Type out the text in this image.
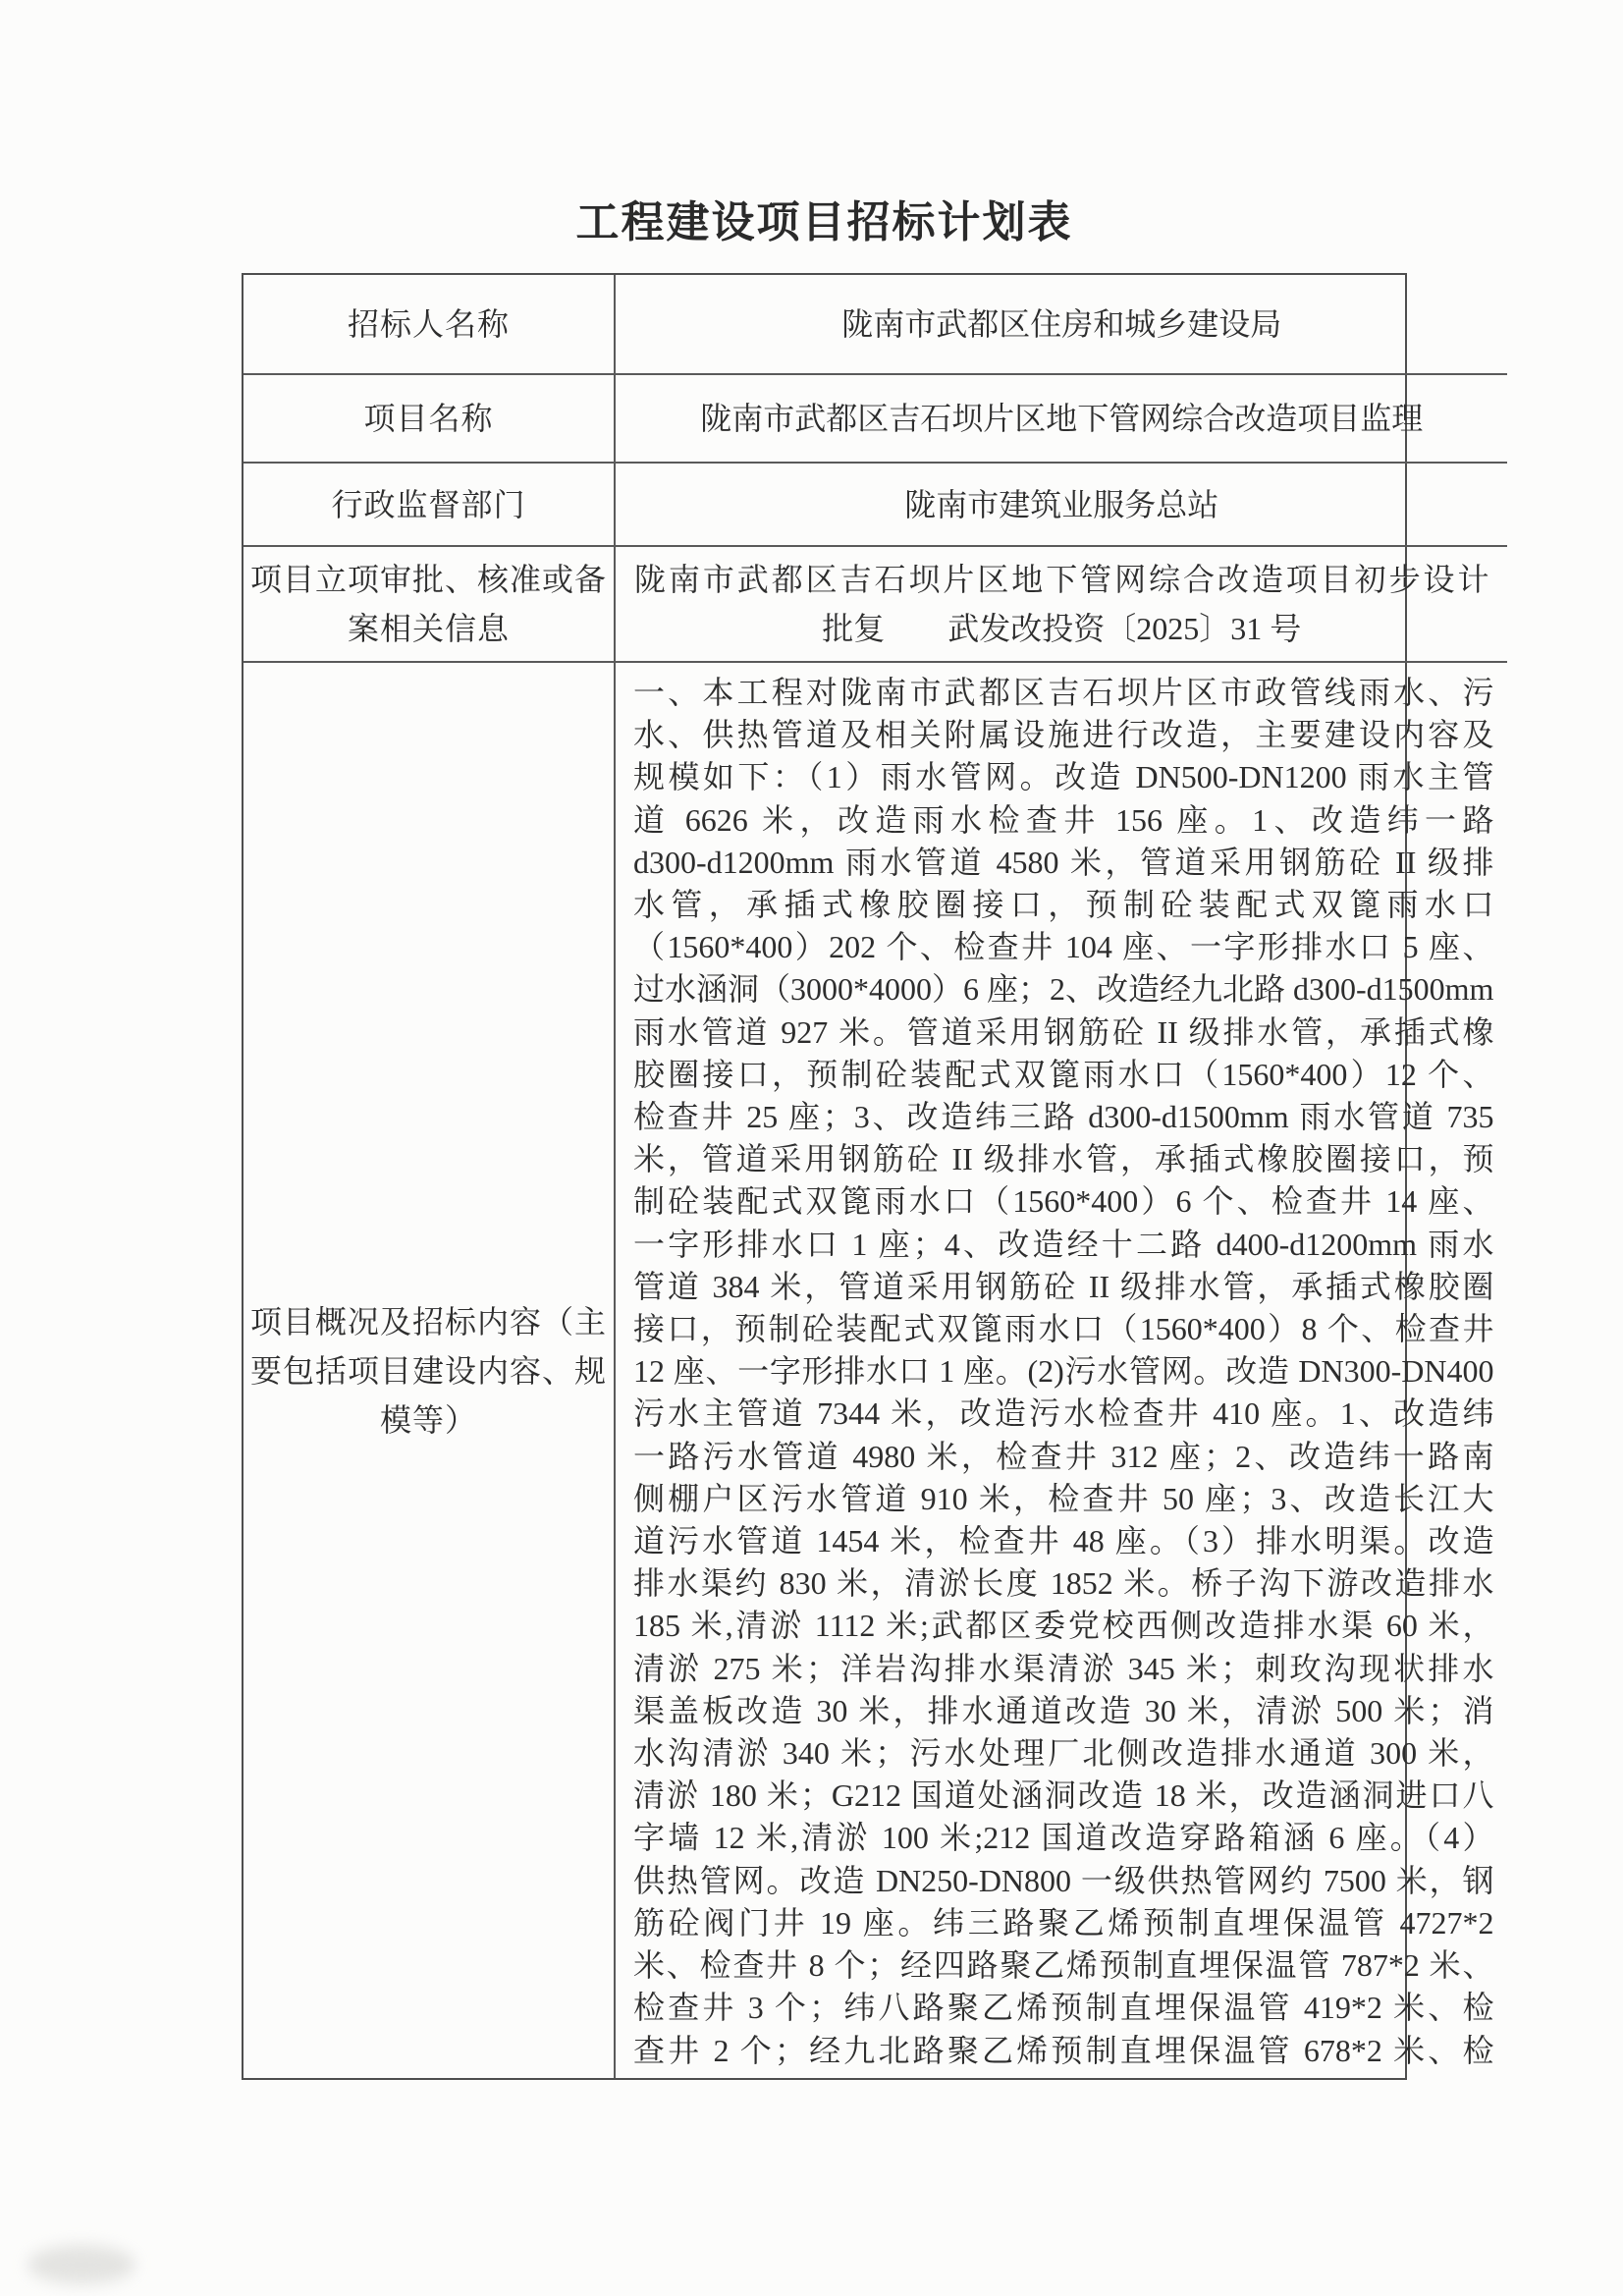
工程建设项目招标计划表
招标人名称	陇南市武都区住房和城乡建设局
项目名称	陇南市武都区吉石坝片区地下管网综合改造项目监理
行政监督部门	陇南市建筑业服务总站
项目立项审批、核准或备案相关信息
陇南市武都区吉石坝片区地下管网综合改造项目初步设计
批复　　武发改投资〔2025〕31 号
项目概况及招标内容（主要包括项目建设内容、规模等）
一、本工程对陇南市武都区吉石坝片区市政管线雨水、污
水、供热管道及相关附属设施进行改造，主要建设内容及
规模如下：（1）雨水管网。改造 DN500-DN1200 雨水主管
道 6626 米，改造雨水检查井 156 座。1、改造纬一路
d300-d1200mm 雨水管道 4580 米，管道采用钢筋砼 II 级排
水管，承插式橡胶圈接口，预制砼装配式双篦雨水口
（1560*400）202 个、检查井 104 座、一字形排水口 5 座、
过水涵洞（3000*4000）6 座；2、改造经九北路 d300-d1500mm
雨水管道 927 米。管道采用钢筋砼 II 级排水管，承插式橡
胶圈接口，预制砼装配式双篦雨水口（1560*400）12 个、
检查井 25 座；3、改造纬三路 d300-d1500mm 雨水管道 735
米，管道采用钢筋砼 II 级排水管，承插式橡胶圈接口，预
制砼装配式双篦雨水口（1560*400）6 个、检查井 14 座、
一字形排水口 1 座；4、改造经十二路 d400-d1200mm 雨水
管道 384 米，管道采用钢筋砼 II 级排水管，承插式橡胶圈
接口，预制砼装配式双篦雨水口（1560*400）8 个、检查井
12 座、一字形排水口 1 座。(2)污水管网。改造 DN300-DN400
污水主管道 7344 米，改造污水检查井 410 座。1、改造纬
一路污水管道 4980 米，检查井 312 座；2、改造纬一路南
侧棚户区污水管道 910 米，检查井 50 座；3、改造长江大
道污水管道 1454 米，检查井 48 座。（3）排水明渠。改造
排水渠约 830 米，清淤长度 1852 米。桥子沟下游改造排水
185 米,清淤 1112 米;武都区委党校西侧改造排水渠 60 米，
清淤 275 米；洋岩沟排水渠清淤 345 米；刺玫沟现状排水
渠盖板改造 30 米，排水通道改造 30 米，清淤 500 米；消
水沟清淤 340 米；污水处理厂北侧改造排水通道 300 米，
清淤 180 米；G212 国道处涵洞改造 18 米，改造涵洞进口八
字墙 12 米,清淤 100 米;212 国道改造穿路箱涵 6 座。（4）
供热管网。改造 DN250-DN800 一级供热管网约 7500 米，钢
筋砼阀门井 19 座。纬三路聚乙烯预制直埋保温管 4727*2
米、检查井 8 个；经四路聚乙烯预制直埋保温管 787*2 米、
检查井 3 个；纬八路聚乙烯预制直埋保温管 419*2 米、检
查井 2 个；经九北路聚乙烯预制直埋保温管 678*2 米、检
